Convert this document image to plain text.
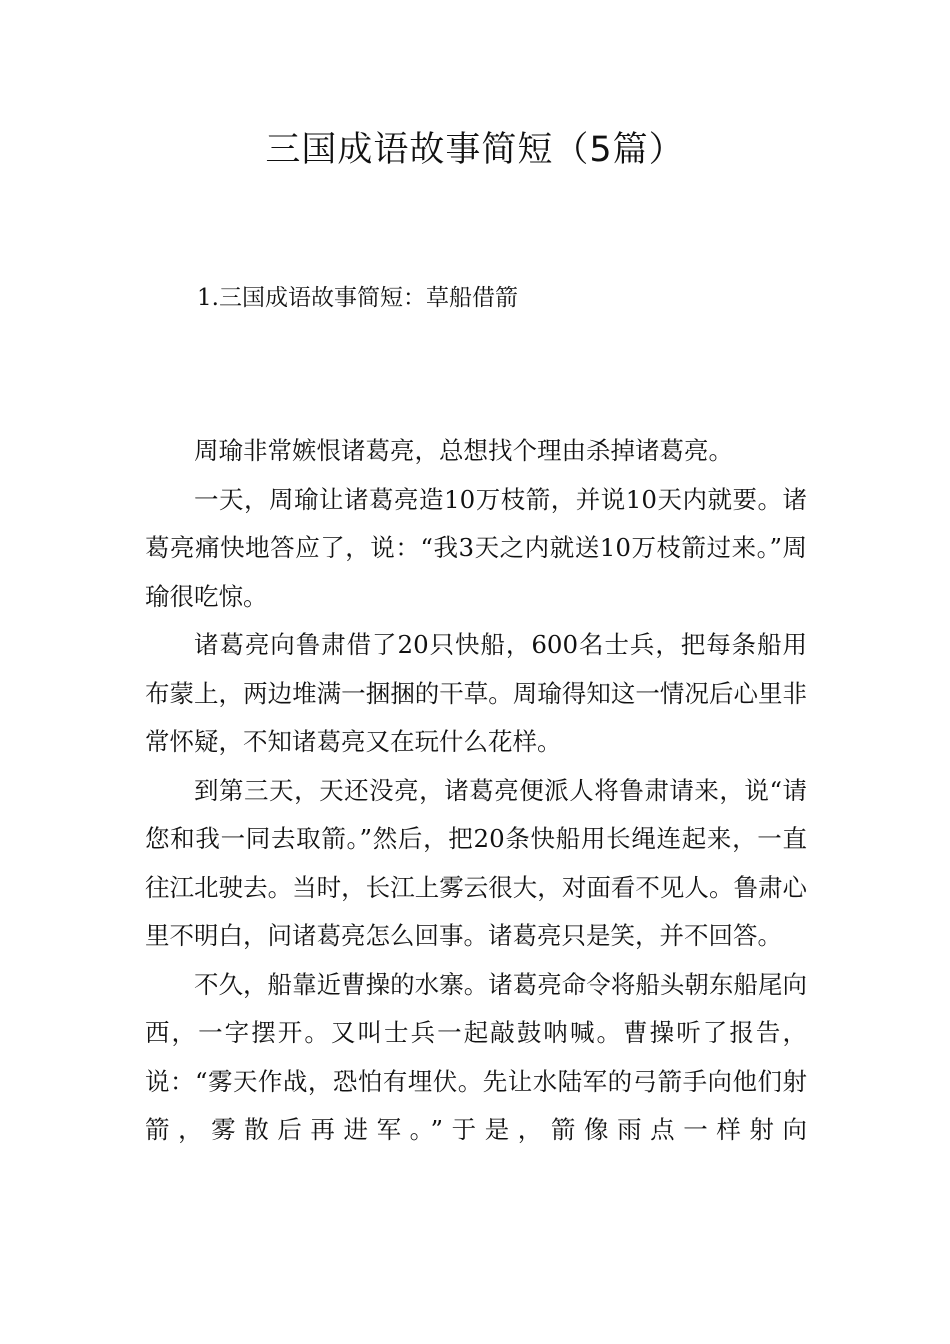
三国成语故事简短（5篇）
1.三国成语故事简短：草船借箭

周瑜非常嫉恨诸葛亮，总想找个理由杀掉诸葛亮。

一天，周瑜让诸葛亮造10万枝箭，并说10天内就要。诸葛亮痛快地答应了，说：“我3天之内就送10万枝箭过来。”周瑜很吃惊。

诸葛亮向鲁肃借了20只快船，600名士兵，把每条船用布蒙上，两边堆满一捆捆的干草。周瑜得知这一情况后心里非常怀疑，不知诸葛亮又在玩什么花样。

到第三天，天还没亮，诸葛亮便派人将鲁肃请来，说“请您和我一同去取箭。”然后，把20条快船用长绳连起来，一直往江北驶去。当时，长江上雾云很大，对面看不见人。鲁肃心里不明白，问诸葛亮怎么回事。诸葛亮只是笑，并不回答。

不久，船靠近曹操的水寨。诸葛亮命令将船头朝东船尾向西，一字摆开。又叫士兵一起敲鼓呐喊。曹操听了报告，说：“雾天作战，恐怕有埋伏。先让水陆军的弓箭手向他们射箭，雾散后再进军。”于是，箭像雨点一样射向
